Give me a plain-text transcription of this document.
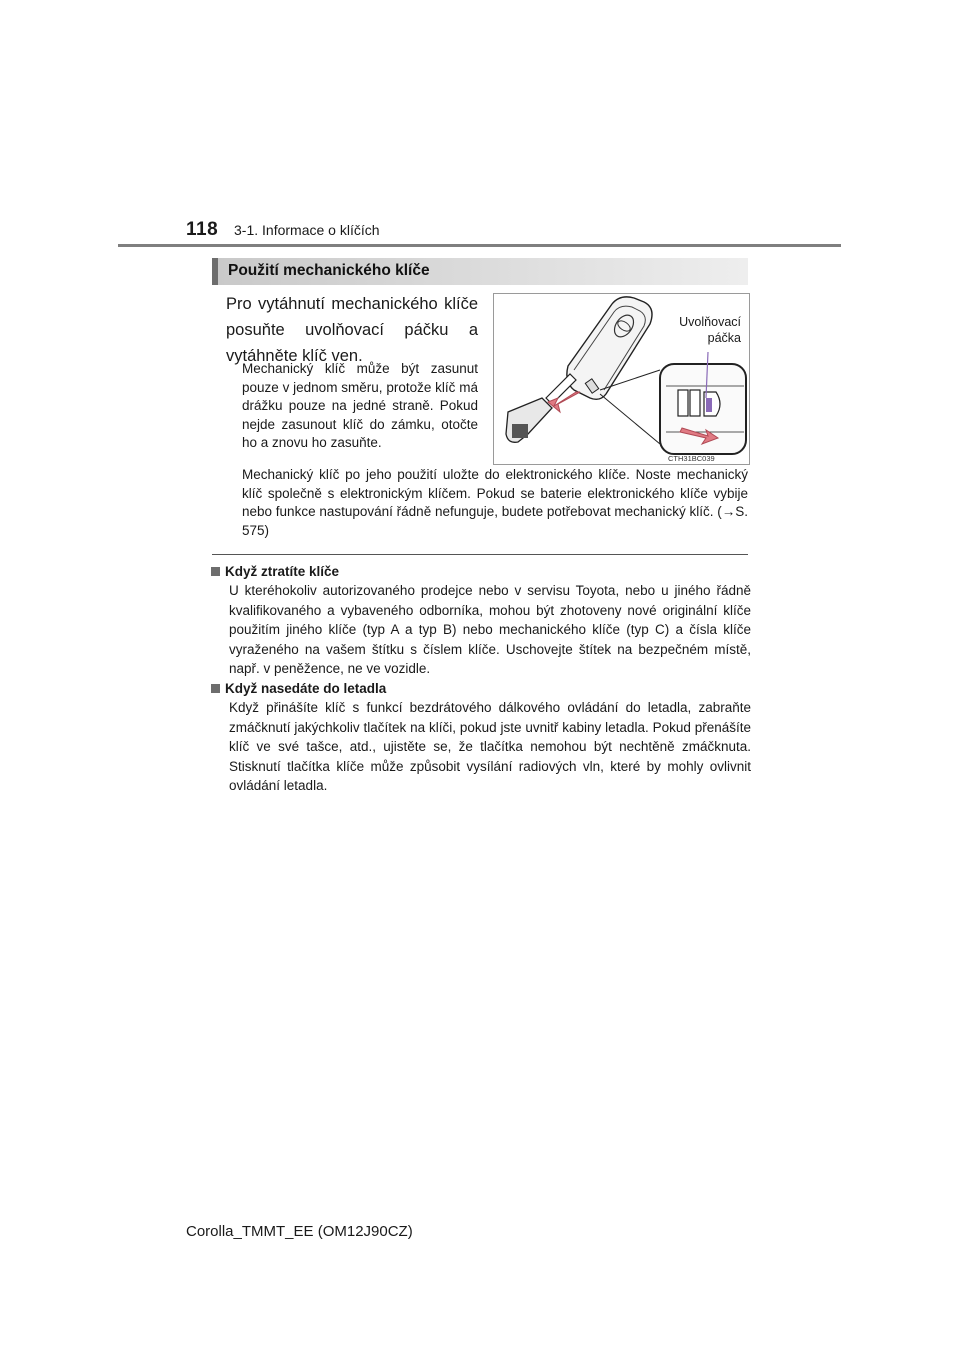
118 3-1. Informace o klíčích
Použití mechanického klíče
Pro vytáhnutí mechanického klíče posuňte uvolňovací páčku a vytáhněte klíč ven.
Mechanický klíč může být zasunut pouze v jednom směru, protože klíč má drážku pouze na jedné straně. Pokud nejde zasunout klíč do zámku, otočte ho a znovu ho zasuňte.
Uvolňovací
páčka
CTH31BC039
Mechanický klíč po jeho použití uložte do elektronického klíče. Noste mechanický klíč společně s elektronickým klíčem. Pokud se baterie elektronického klíče vybije nebo funkce nastupování řádně nefunguje, budete potřebovat mechanický klíč. (→S. 575)
Když ztratíte klíče
U kteréhokoliv autorizovaného prodejce nebo v servisu Toyota, nebo u jiného řádně kvalifikovaného a vybaveného odborníka, mohou být zhotoveny nové originální klíče použitím jiného klíče (typ A a typ B) nebo mechanického klíče (typ C) a čísla klíče vyraženého na vašem štítku s číslem klíče. Uschovejte štítek na bezpečném místě, např. v peněžence, ne ve vozidle.
Když nasedáte do letadla
Když přinášíte klíč s funkcí bezdrátového dálkového ovládání do letadla, zabraňte zmáčknutí jakýchkoliv tlačítek na klíči, pokud jste uvnitř kabiny letadla. Pokud přenášíte klíč ve své tašce, atd., ujistěte se, že tlačítka nemohou být nechtěně zmáčknuta. Stisknutí tlačítka klíče může způsobit vysílání radiových vln, které by mohly ovlivnit ovládání letadla.
Corolla_TMMT_EE (OM12J90CZ)
